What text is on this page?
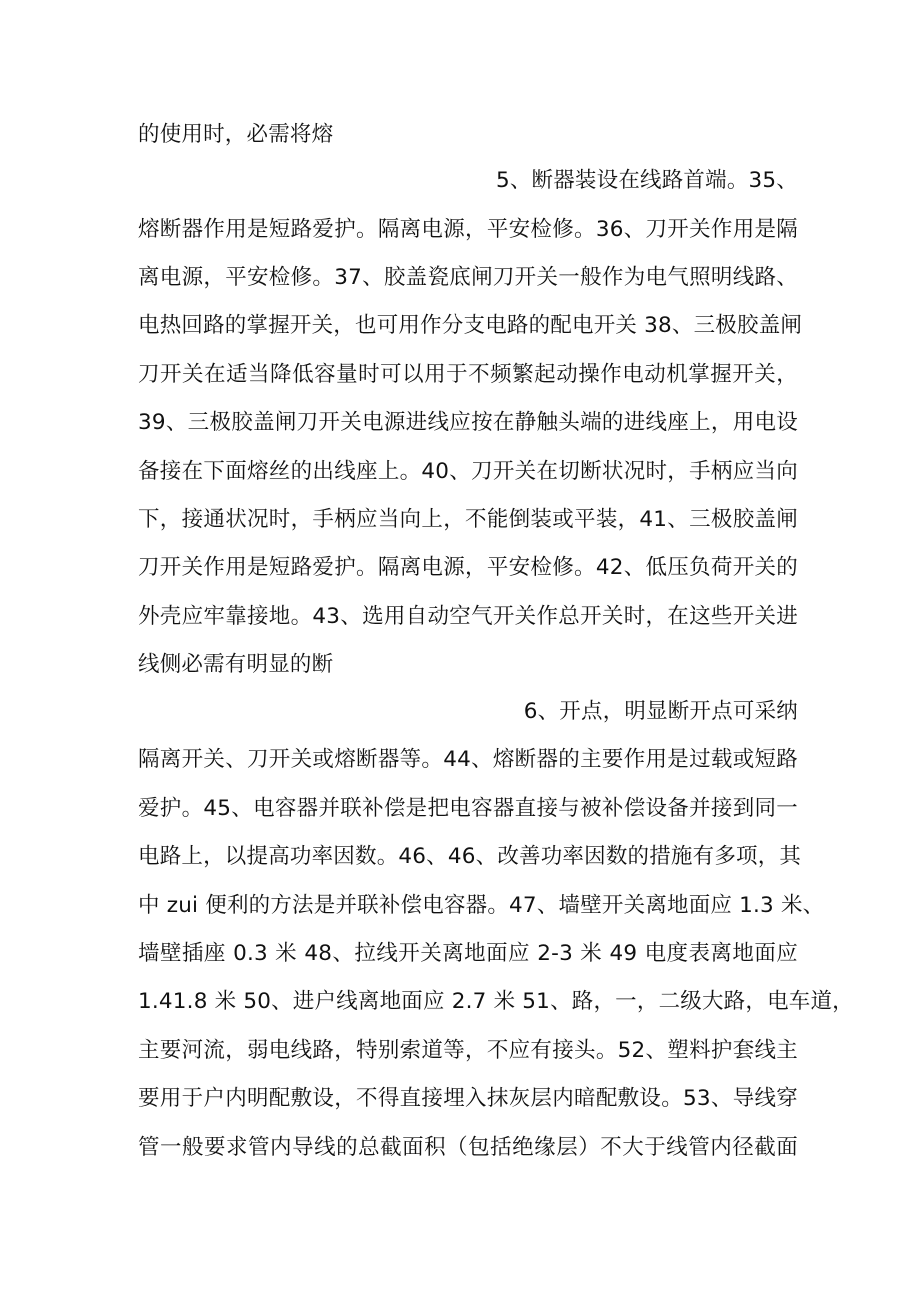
的使用时，必需将熔
5、断器装设在线路首端。35、
熔断器作用是短路爱护。隔离电源，平安检修。36、刀开关作用是隔
离电源，平安检修。37、胶盖瓷底闸刀开关一般作为电气照明线路、
电热回路的掌握开关，也可用作分支电路的配电开关 38、三极胶盖闸
刀开关在适当降低容量时可以用于不频繁起动操作电动机掌握开关，
39、三极胶盖闸刀开关电源进线应按在静触头端的进线座上，用电设
备接在下面熔丝的出线座上。40、刀开关在切断状况时，手柄应当向
下，接通状况时，手柄应当向上，不能倒装或平装，41、三极胶盖闸
刀开关作用是短路爱护。隔离电源，平安检修。42、低压负荷开关的
外壳应牢靠接地。43、选用自动空气开关作总开关时，在这些开关进
线侧必需有明显的断
6、开点，明显断开点可采纳
隔离开关、刀开关或熔断器等。44、熔断器的主要作用是过载或短路
爱护。45、电容器并联补偿是把电容器直接与被补偿设备并接到同一
电路上，以提高功率因数。46、46、改善功率因数的措施有多项，其
中 zui 便利的方法是并联补偿电容器。47、墙壁开关离地面应 1.3 米、
墙壁插座 0.3 米 48、拉线开关离地面应 2-3 米 49 电度表离地面应
1.41.8 米 50、进户线离地面应 2.7 米 51、路，一，二级大路，电车道，
主要河流，弱电线路，特别索道等，不应有接头。52、塑料护套线主
要用于户内明配敷设，不得直接埋入抹灰层内暗配敷设。53、导线穿
管一般要求管内导线的总截面积（包括绝缘层）不大于线管内径截面
